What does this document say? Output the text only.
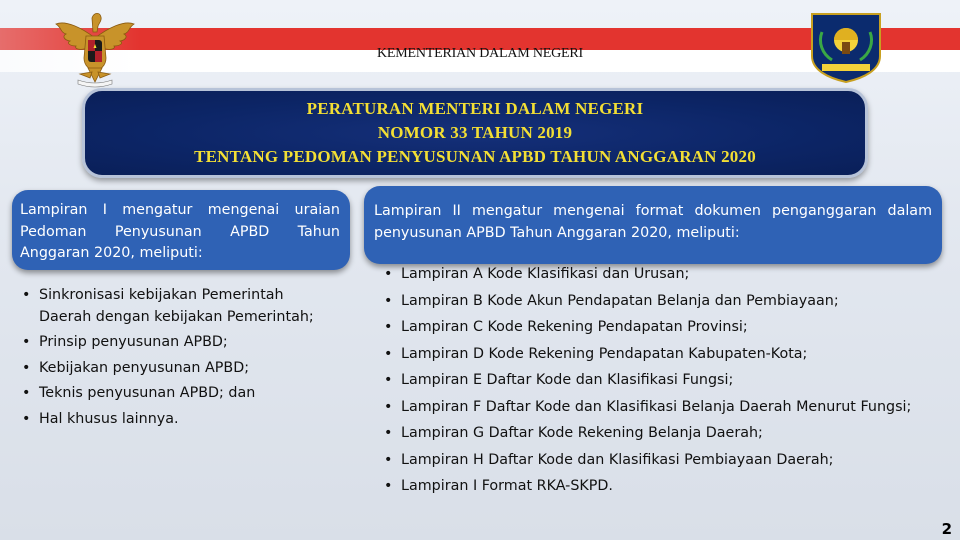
KEMENTERIAN DALAM NEGERI
PERATURAN MENTERI DALAM NEGERI
NOMOR 33 TAHUN 2019
TENTANG PEDOMAN PENYUSUNAN APBD TAHUN ANGGARAN 2020
Lampiran I mengatur mengenai uraian Pedoman Penyusunan APBD Tahun Anggaran 2020, meliputi:
• Sinkronisasi kebijakan Pemerintah Daerah dengan kebijakan Pemerintah;
• Prinsip penyusunan APBD;
• Kebijakan penyusunan APBD;
• Teknis penyusunan APBD; dan
• Hal khusus lainnya.
Lampiran II mengatur mengenai format dokumen penganggaran dalam penyusunan APBD Tahun Anggaran 2020, meliputi:
• Lampiran A Kode Klasifikasi dan Urusan;
• Lampiran B Kode Akun Pendapatan Belanja dan Pembiayaan;
• Lampiran C Kode Rekening Pendapatan Provinsi;
• Lampiran D Kode Rekening Pendapatan Kabupaten-Kota;
• Lampiran E Daftar Kode dan Klasifikasi Fungsi;
• Lampiran F Daftar Kode dan Klasifikasi Belanja Daerah Menurut Fungsi;
• Lampiran G Daftar Kode Rekening Belanja Daerah;
• Lampiran H Daftar Kode dan Klasifikasi Pembiayaan Daerah;
• Lampiran I Format RKA-SKPD.
2
